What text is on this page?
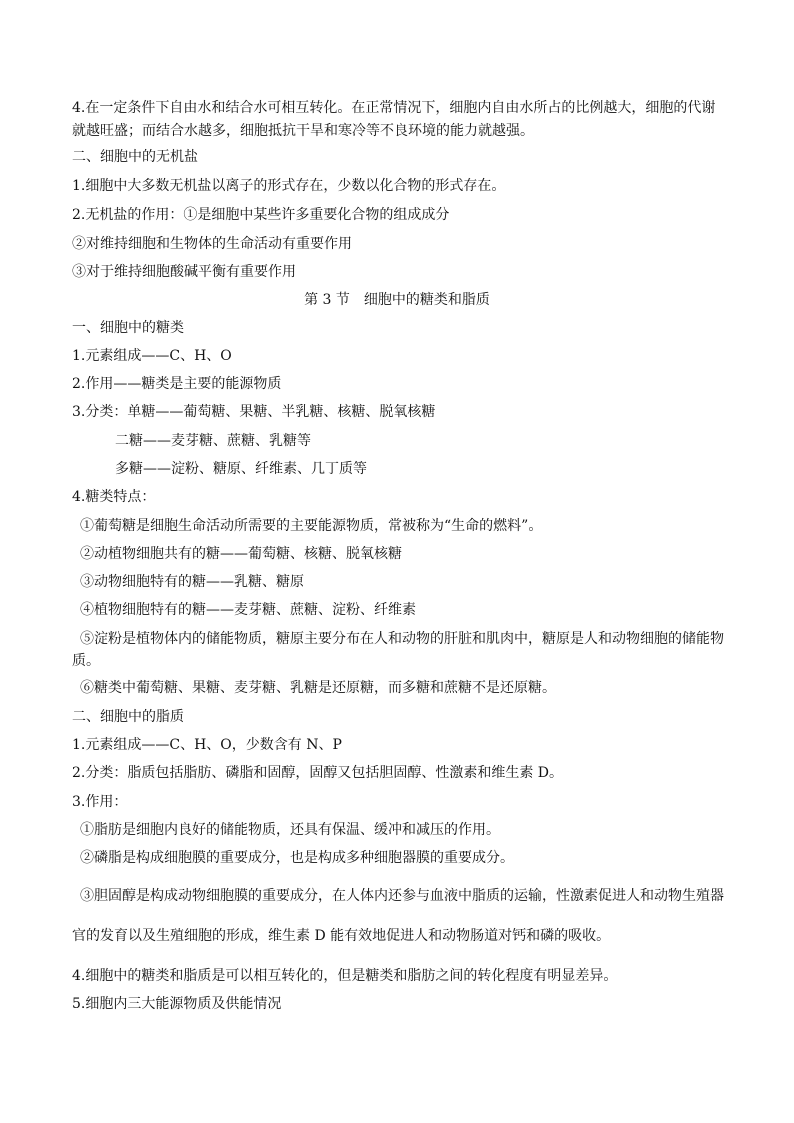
4.在一定条件下自由水和结合水可相互转化。在正常情况下，细胞内自由水所占的比例越大，细胞的代谢
就越旺盛；而结合水越多，细胞抵抗干旱和寒冷等不良环境的能力就越强。
二、细胞中的无机盐
1.细胞中大多数无机盐以离子的形式存在，少数以化合物的形式存在。
2.无机盐的作用：①是细胞中某些许多重要化合物的组成成分
②对维持细胞和生物体的生命活动有重要作用
③对于维持细胞酸碱平衡有重要作用
第 3 节　细胞中的糖类和脂质
一、细胞中的糖类
1.元素组成——C、H、O
2.作用——糖类是主要的能源物质
3.分类：单糖——葡萄糖、果糖、半乳糖、核糖、脱氧核糖
二糖——麦芽糖、蔗糖、乳糖等
多糖——淀粉、糖原、纤维素、几丁质等
4.糖类特点：
①葡萄糖是细胞生命活动所需要的主要能源物质，常被称为“生命的燃料”。
②动植物细胞共有的糖——葡萄糖、核糖、脱氧核糖
③动物细胞特有的糖——乳糖、糖原
④植物细胞特有的糖——麦芽糖、蔗糖、淀粉、纤维素
⑤淀粉是植物体内的储能物质，糖原主要分布在人和动物的肝脏和肌肉中，糖原是人和动物细胞的储能物
质。
⑥糖类中葡萄糖、果糖、麦芽糖、乳糖是还原糖，而多糖和蔗糖不是还原糖。
二、细胞中的脂质
1.元素组成——C、H、O，少数含有 N、P
2.分类：脂质包括脂肪、磷脂和固醇，固醇又包括胆固醇、性激素和维生素 D。
3.作用：
①脂肪是细胞内良好的储能物质，还具有保温、缓冲和减压的作用。
②磷脂是构成细胞膜的重要成分，也是构成多种细胞器膜的重要成分。
③胆固醇是构成动物细胞膜的重要成分，在人体内还参与血液中脂质的运输，性激素促进人和动物生殖器
官的发育以及生殖细胞的形成，维生素 D 能有效地促进人和动物肠道对钙和磷的吸收。
4.细胞中的糖类和脂质是可以相互转化的，但是糖类和脂肪之间的转化程度有明显差异。
5.细胞内三大能源物质及供能情况
